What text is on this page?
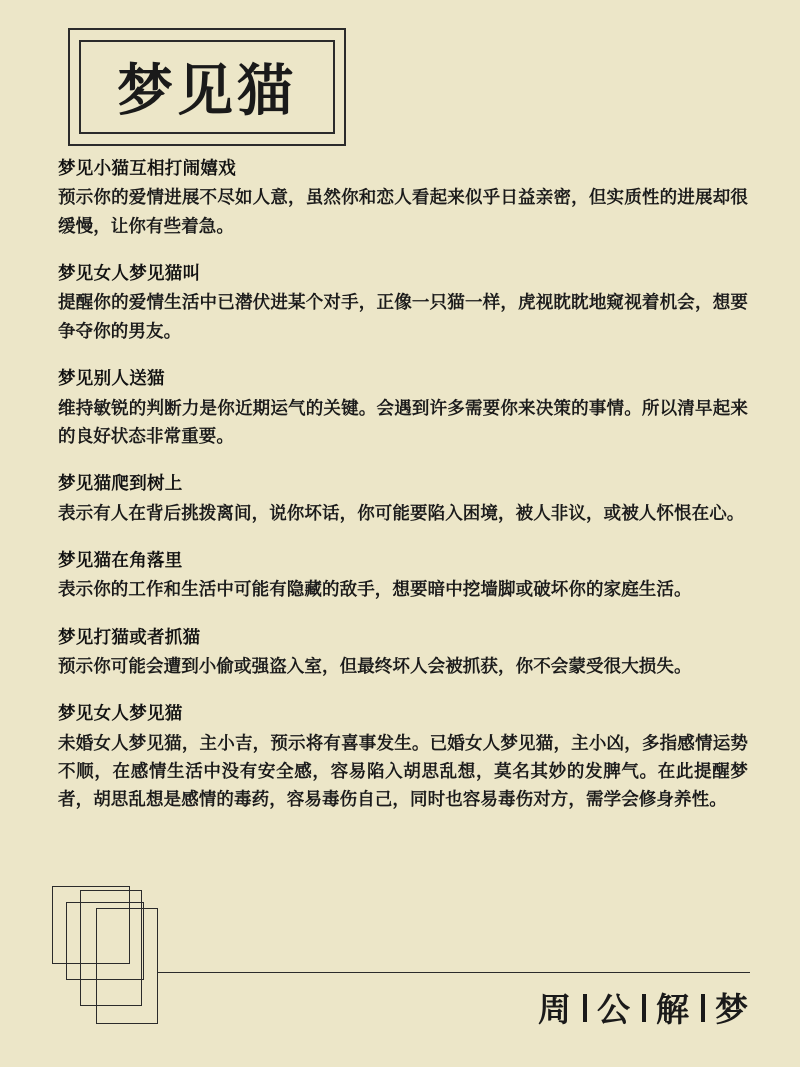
梦见猫
梦见小猫互相打闹嬉戏
预示你的爱情进展不尽如人意，虽然你和恋人看起来似乎日益亲密，但实质性的进展却很缓慢，让你有些着急。
梦见女人梦见猫叫
提醒你的爱情生活中已潜伏进某个对手，正像一只猫一样，虎视眈眈地窥视着机会，想要争夺你的男友。
梦见别人送猫
维持敏锐的判断力是你近期运气的关键。会遇到许多需要你来决策的事情。所以清早起来的良好状态非常重要。
梦见猫爬到树上
表示有人在背后挑拨离间，说你坏话，你可能要陷入困境，被人非议，或被人怀恨在心。
梦见猫在角落里
表示你的工作和生活中可能有隐藏的敌手，想要暗中挖墙脚或破坏你的家庭生活。
梦见打猫或者抓猫
预示你可能会遭到小偷或强盗入室，但最终坏人会被抓获，你不会蒙受很大损失。
梦见女人梦见猫
未婚女人梦见猫，主小吉，预示将有喜事发生。已婚女人梦见猫，主小凶，多指感情运势不顺，在感情生活中没有安全感，容易陷入胡思乱想，莫名其妙的发脾气。在此提醒梦者，胡思乱想是感情的毒药，容易毒伤自己，同时也容易毒伤对方，需学会修身养性。
周 公 解 梦
